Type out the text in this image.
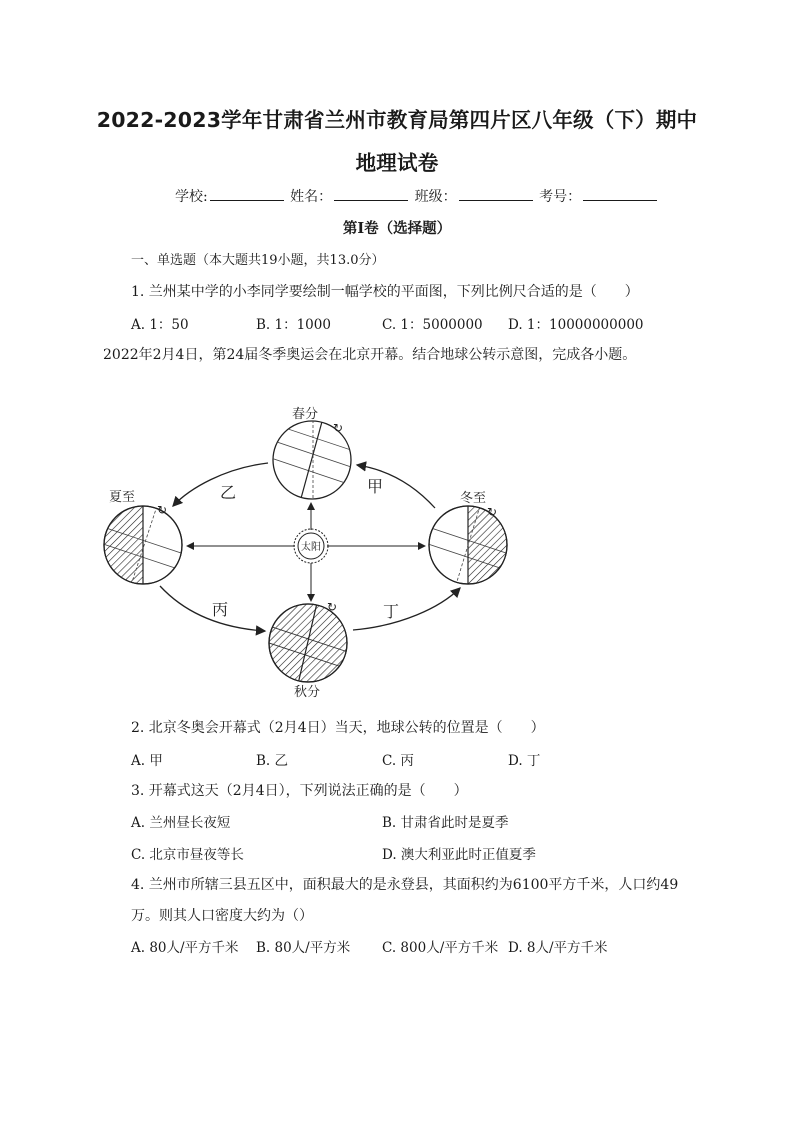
2022-2023学年甘肃省兰州市教育局第四片区八年级（下）期中
地理试卷
学校:	姓名：	班级：	考号：
第I卷（选择题）
一、单选题（本大题共19小题，共13.0分）
1. 兰州某中学的小李同学要绘制一幅学校的平面图，下列比例尺合适的是（　　）
A. 1：50	B. 1：1000	C. 1：5000000 D. 1：10000000000
2022年2月4日，第24届冬季奥运会在北京开幕。结合地球公转示意图，完成各小题。
太阳
春分
↻
夏至
↻
乙	冬至
↻
甲
秋分
↻
丙	丁
2. 北京冬奥会开幕式（2月4日）当天，地球公转的位置是（　　）
A. 甲	B. 乙	C. 丙	D. 丁
3. 开幕式这天（2月4日），下列说法正确的是（　　）
A. 兰州昼长夜短	B. 甘肃省此时是夏季
C. 北京市昼夜等长	D. 澳大利亚此时正值夏季
4. 兰州市所辖三县五区中，面积最大的是永登县，其面积约为6100平方千米，人口约49
万。则其人口密度大约为（）
A. 80人/平方千米 B. 80人/平方米 C. 800人/平方千米 D. 8人/平方千米
